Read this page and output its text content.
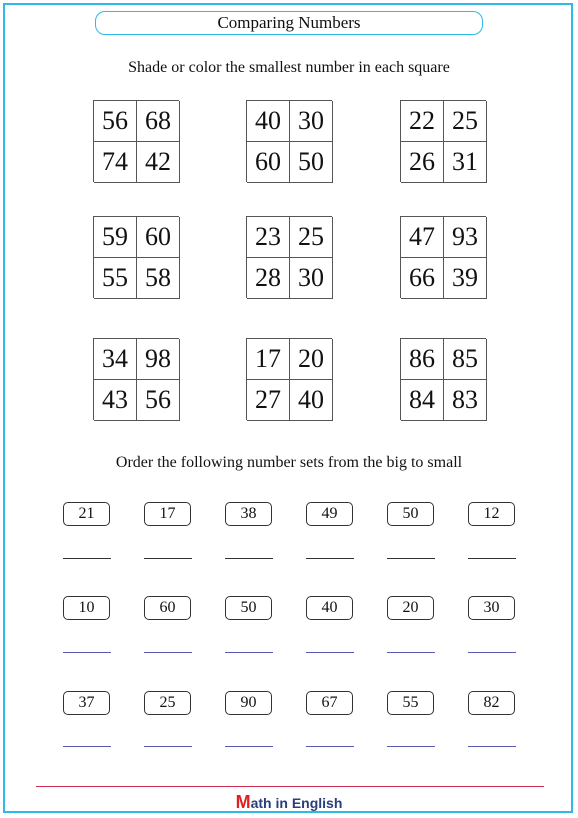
Comparing Numbers
Shade or color the smallest number in each square
56 68
74 42
40 30
60 50
22 25
26 31
59 60
55 58
23 25
28 30
47 93
66 39
34 98
43 56
17 20
27 40
86 85
84 83
Order the following number sets from the big to small
21	17	38	49	50	12
10	60	50	40	20	30
37	25	90	67	55	82
Math in English
